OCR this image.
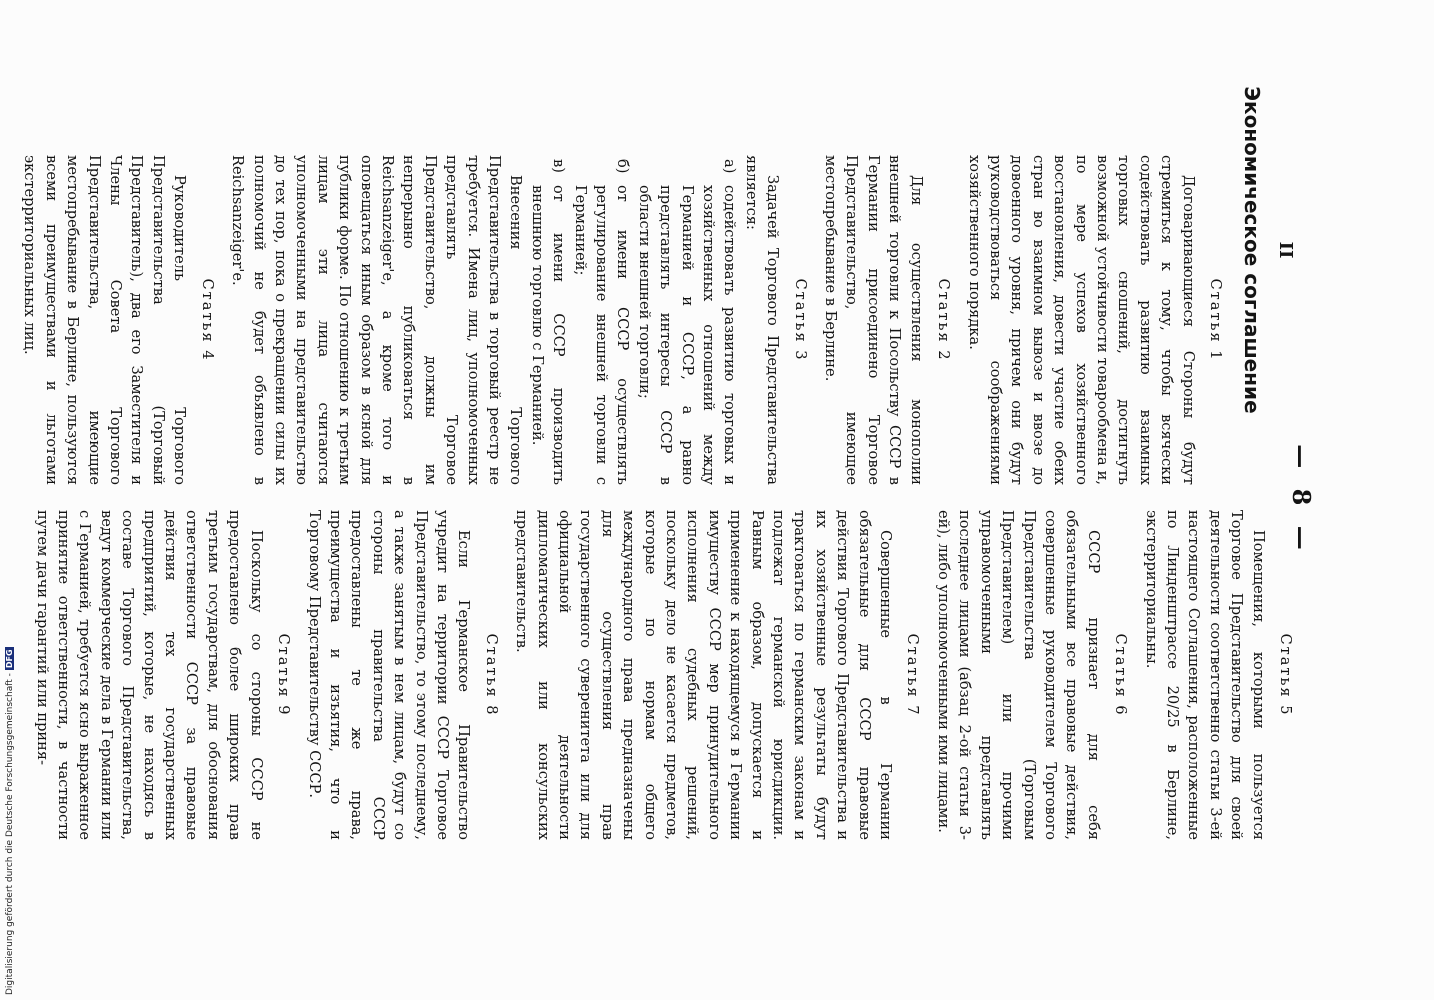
— 8 —
II
Экономическое соглашение
Статья 1

Договаривающиеся Стороны будут стремиться к тому, чтобы всячески содействовать развитию взаимных торговых сношений, достигнуть возможной устойчивости товарообмена и, по мере успехов хозяйственного восстановления, довести участие обеих стран во взаимном вывозе и ввозе до довоенного уровня, причем они будут руководствоваться соображениями хозяйственного порядка.

Статья 2

Для осуществления монополии внешней торговли к Посольству СССР в Германии присоединено Торговое Представительство, имеющее местопребывание в Берлине.

Статья 3

Задачей Торгового Представительства является:

а)
содействовать развитию торговых и хозяйственных отношений между Германией и СССР, а равно представлять интересы СССР в области внешней торговли;

б)
от имени СССР осуществлять регулирование внешней торговли с Германией;

в)
от имени СССР производить внешнюю торговлю с Германией.

Внесения Торгового Представительства в торговый реестр не требуется. Имена лиц, уполномоченных представлять Торговое Представительство, должны им непрерывно публиковаться в Reichsanzeiger'е, а кроме того и оповещаться иным образом в ясной для публики форме. По отношению к третьим лицам эти лица считаются уполномоченными на представительство до тех пор, пока о прекращении силы их полномочий не будет объявлено в Reichsanzeiger'е.

Статья 4

Руководитель Торгового Представительства (Торговый Представитель), два его Заместителя и Члены Совета Торгового Представительства, имеющие местопребывание в Берлине, пользуются всеми преимуществами и льготами экстерриториальных лиц.

Статья 5

Помещения, которыми пользуется Торговое Представительство для своей деятельности соответственно статьи 3-ей настоящего Соглашения, расположенные по Линденштрассе 20/25 в Берлине, экстерриториальны.

Статья 6

СССР признает для себя обязательными все правовые действия, совершенные руководителем Торгового Представительства (Торговым Представителем) или прочими управомоченными представлять последнее лицами (абзац 2-ой статьи 3-ей), либо уполномоченными ими лицами.

Статья 7

Совершенные в Германии обязательные для СССР правовые действия Торгового Представительства и их хозяйственные результаты будут трактоваться по германским законам и подлежат германской юрисдикции. Равным образом, допускается и применение к находящемуся в Германии имуществу СССР мер принудительного исполнения судебных решений, поскольку дело не касается предметов, которые по нормам общего международного права предназначены для осуществления прав государственного суверенитета или для официальной деятельности дипломатических или консульских представительств.

Статья 8

Если Германское Правительство учредит на территории СССР Торговое Представительство, то этому последнему, а также занятым в нем лицам, будут со стороны правительства СССР предоставлены те же права, преимущества и изъятия, что и Торговому Представительству СССР.

Статья 9

Поскольку со стороны СССР не предоставлено более широких прав третьим государствам, для обоснования ответственности СССР за правовые действия тех государственных предприятий, которые, не находясь в составе Торгового Представительства, ведут коммерческие дела в Германии или с Германией, требуется ясно выраженное принятие ответственности, в частности путем дачи гарантий или приня-

Digitalisierung gefördert durch die Deutsche Forschungsgemeinschaft -DFG
